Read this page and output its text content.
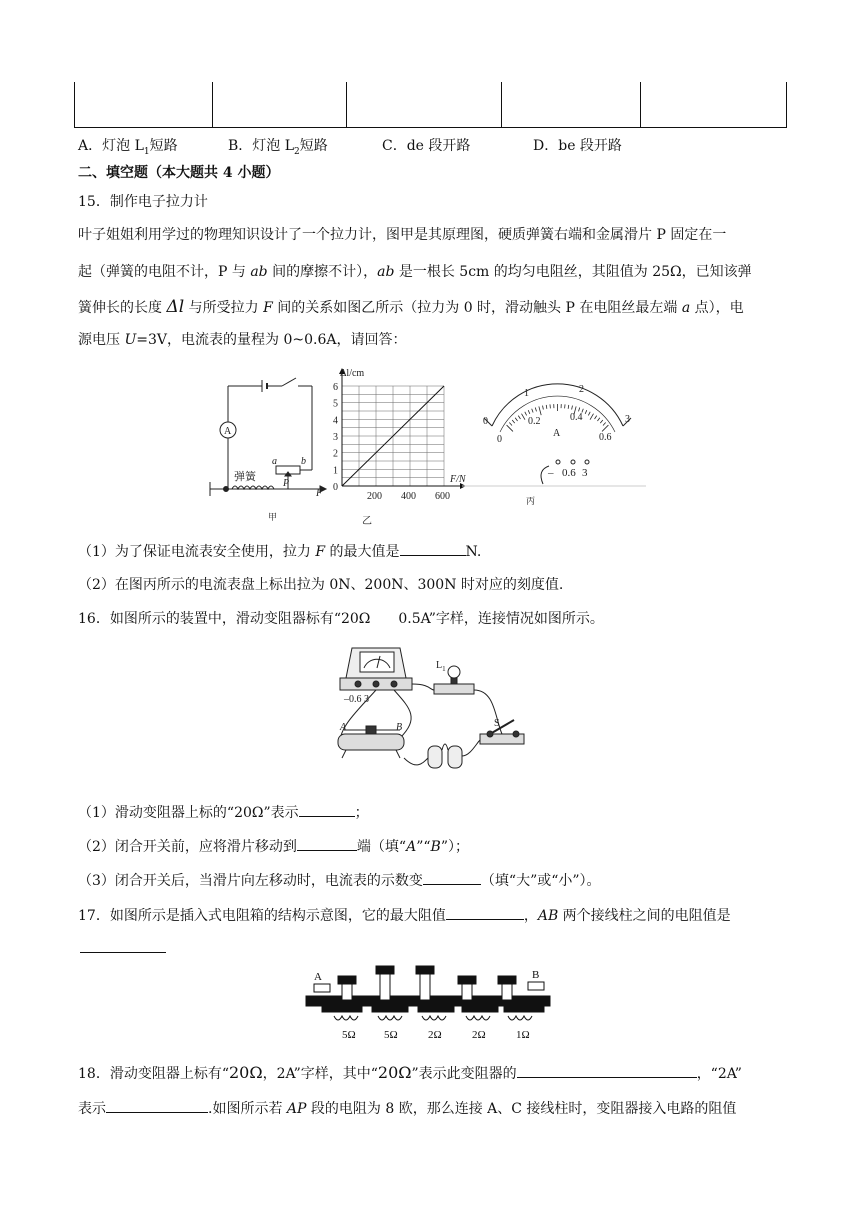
A．灯泡 $L_1$短路	B．灯泡 $L_2$短路	C．de 段开路	D．be 段开路
二、填空题（本大题共 4 小题）
15．制作电子拉力计
叶子姐姐利用学过的物理知识设计了一个拉力计，图甲是其原理图，硬质弹簧右端和金属滑片 P 固定在一
起（弹簧的电阻不计，P 与 ab 间的摩擦不计），ab 是一根长 5cm 的均匀电阻丝，其阻值为 25Ω，已知该弹
簧伸长的长度 Δl 与所受拉力 F 间的关系如图乙所示（拉力为 0 时，滑动触头 P 在电阻丝最左端 a 点），电
源电压 U=3V，电流表的量程为 0~0.6A，请回答：
A
弹簧
a b
P
F
甲
0
1
2
3
4
5
6
200 400 600
乙
Δl/cm
F/N
0
1	2
3
0
0.2	0.4
0.6
A
– 0.6 3
丙
（1）为了保证电流表安全使用，拉力 F 的最大值是	N.
（2）在图丙所示的电流表盘上标出拉为 0N、200N、300N 时对应的刻度值.
16．如图所示的装置中，滑动变阻器标有“20Ω　　0.5A”字样，连接情况如图所示。
–0.6 3
$L_1$
A	B	S
（1）滑动变阻器上标的“20Ω”表示	；
（2）闭合开关前，应将滑片移动到	端（填“A”“B”）；
（3）闭合开关后，当滑片向左移动时，电流表的示数变	（填“大”或“小”）。
17．如图所示是插入式电阻箱的结构示意图，它的最大阻值	，AB 两个接线柱之间的电阻值是
A	B
5Ω	5Ω	2Ω	2Ω	1Ω
18．滑动变阻器上标有“20Ω，2A”字样，其中“20Ω”表示此变阻器的	，“2A”
表示	.如图所示若 AP 段的电阻为 8 欧，那么连接 A、C 接线柱时，变阻器接入电路的阻值
